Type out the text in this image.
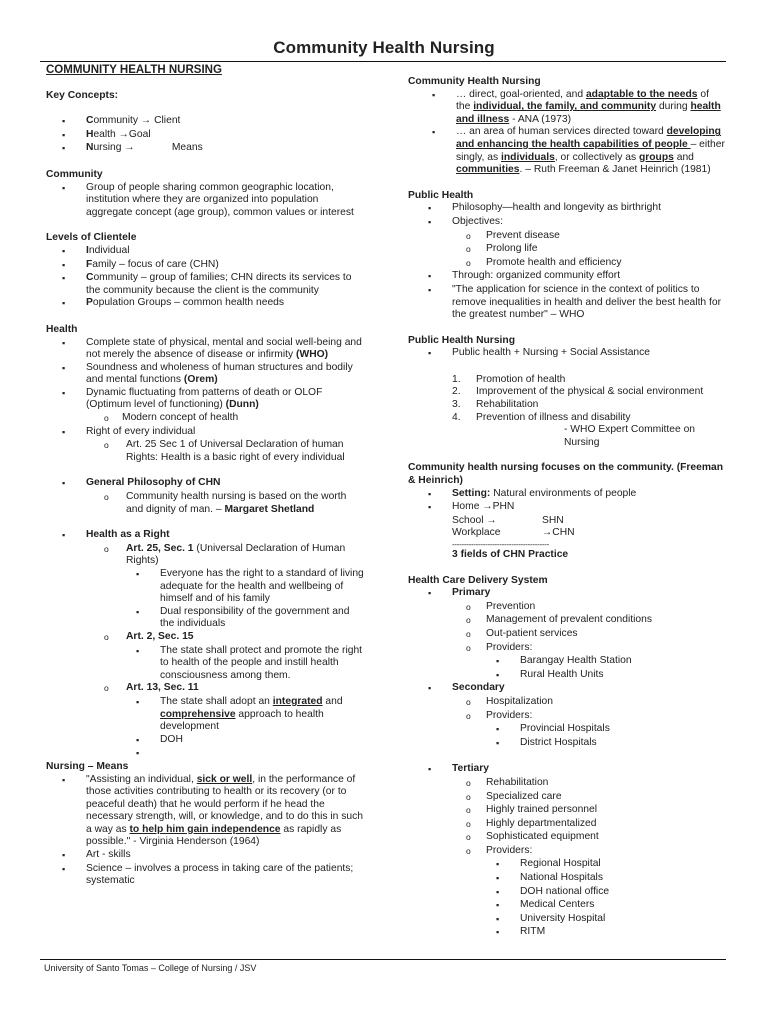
Community Health Nursing

COMMUNITY HEALTH NURSING

Key Concepts:

▪
Community → Client
▪
Health →Goal
▪
Nursing →             Means

Community

▪
Group of people sharing common geographic location, institution where they are organized into population aggregate concept (age group), common values or interest

Levels of Clientele

▪
Individual
▪
Family – focus of care (CHN)
▪
Community – group of families; CHN directs its services to the community because the client is the community
▪
Population Groups – common health needs

Health

▪
Complete state of physical, mental and social well-being and not merely the absence of disease or infirmity (WHO)
▪
Soundness and wholeness of human structures and bodily and mental functions (Orem)
▪
Dynamic fluctuating from patterns of death or OLOF (Optimum level of functioning) (Dunn)
o
Modern concept of health
▪
Right of every individual
o
Art. 25 Sec 1 of Universal Declaration of human Rights: Health is a basic right of every individual
▪
General Philosophy of CHN
o
Community health nursing is based on the worth and dignity of man. – Margaret Shetland
▪
Health as a Right
o
Art. 25, Sec. 1 (Universal Declaration of Human Rights)
▪
Everyone has the right to a standard of living adequate for the health and wellbeing of himself and of his family
▪
Dual responsibility of the government and the individuals
o
Art. 2, Sec. 15
▪
The state shall protect and promote the right to health of the people and instill health consciousness among them.
o
Art. 13, Sec. 11
▪
The state shall adopt an integrated and comprehensive approach to health development
▪
DOH
▪

Nursing – Means

▪
"Assisting an individual, sick or well, in the performance of those activities contributing to health or its recovery (or to peaceful death) that he would perform if he head the necessary strength, will, or knowledge, and to do this in such a way as to help him gain independence as rapidly as possible." - Virginia Henderson (1964)
▪
Art - skills
▪
Science – involves a process in taking care of the patients; systematic

Community Health Nursing

▪
… direct, goal-oriented, and adaptable to the needs of the individual, the family, and community during health and illness - ANA (1973)
▪
… an area of human services directed toward developing and enhancing the health capabilities of people – either singly, as individuals, or collectively as groups and communities. – Ruth Freeman & Janet Heinrich (1981)

Public Health

▪
Philosophy—health and longevity as birthright
▪
Objectives:
o
Prevent disease
o
Prolong life
o
Promote health and efficiency
▪
Through: organized community effort
▪
"The application for science in the context of politics to remove inequalities in health and deliver the best health for the greatest number" – WHO

Public Health Nursing

▪
Public health + Nursing + Social Assistance
1.	Promotion of health
2.	Improvement of the physical & social environment
3.	Rehabilitation
4.	Prevention of illness and disability
- WHO Expert Committee on Nursing

Community health nursing focuses on the community. (Freeman & Heinrich)

▪
Setting: Natural environments of people
▪
Home →PHN
School →	SHN
Workplace	→CHN
-----------------------------------------
3 fields of CHN Practice

Health Care Delivery System

▪
Primary
o
Prevention
o
Management of prevalent conditions
o
Out-patient services
o
Providers:
▪
Barangay Health Station
▪
Rural Health Units
▪
Secondary
o
Hospitalization
o
Providers:
▪
Provincial Hospitals
▪
District Hospitals
▪
Tertiary
o
Rehabilitation
o
Specialized care
o
Highly trained personnel
o
Highly departmentalized
o
Sophisticated equipment
o
Providers:
▪
Regional Hospital
▪
National Hospitals
▪
DOH national office
▪
Medical Centers
▪
University Hospital
▪
RITM
University of Santo Tomas – College of Nursing / JSV
